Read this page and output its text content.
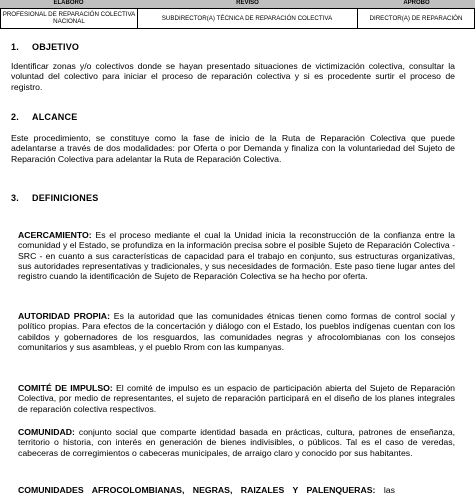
ELABORÓ	REVISÓ	APROBÓ
PROFESIONAL DE REPARACIÓN COLECTIVA NACIONAL	SUBDIRECTOR(A) TÉCNICA DE REPARACIÓN COLECTIVA	DIRECTOR(A) DE REPARACIÓN
1. OBJETIVO
Identificar zonas y/o colectivos donde se hayan presentado situaciones de victimización colectiva, consultar la voluntad del colectivo para iniciar el proceso de reparación colectiva y si es procedente surtir el proceso de registro.
2. ALCANCE
Este procedimiento, se constituye como la fase de inicio de la Ruta de Reparación Colectiva que puede adelantarse a través de dos modalidades: por Oferta o por Demanda y finaliza con la voluntariedad del Sujeto de Reparación Colectiva para adelantar la Ruta de Reparación Colectiva.
3. DEFINICIONES
ACERCAMIENTO: Es el proceso mediante el cual la Unidad inicia la reconstrucción de la confianza entre la comunidad y el Estado, se profundiza en la información precisa sobre el posible Sujeto de Reparación Colectiva - SRC - en cuanto a sus características de capacidad para el trabajo en conjunto, sus estructuras organizativas, sus autoridades representativas y tradicionales, y sus necesidades de formación. Este paso tiene lugar antes del registro cuando la identificación de Sujeto de Reparación Colectiva se ha hecho por oferta.
AUTORIDAD PROPIA: Es la autoridad que las comunidades étnicas tienen como formas de control social y político propias. Para efectos de la concertación y diálogo con el Estado, los pueblos indígenas cuentan con los cabildos y gobernadores de los resguardos, las comunidades negras y afrocolombianas con los consejos comunitarios y sus asambleas, y el pueblo Rrom con las kumpanyas.
COMITÉ DE IMPULSO: El comité de impulso es un espacio de participación abierta del Sujeto de Reparación Colectiva, por medio de representantes, el sujeto de reparación participará en el diseño de los planes integrales de reparación colectiva respectivos.
COMUNIDAD: conjunto social que comparte identidad basada en prácticas, cultura, patrones de enseñanza, territorio o historia, con interés en generación de bienes indivisibles, o públicos. Tal es el caso de veredas, cabeceras de corregimientos o cabeceras municipales, de arraigo claro y conocido por sus habitantes.
COMUNIDADES AFROCOLOMBIANAS, NEGRAS, RAIZALES Y PALENQUERAS: las
